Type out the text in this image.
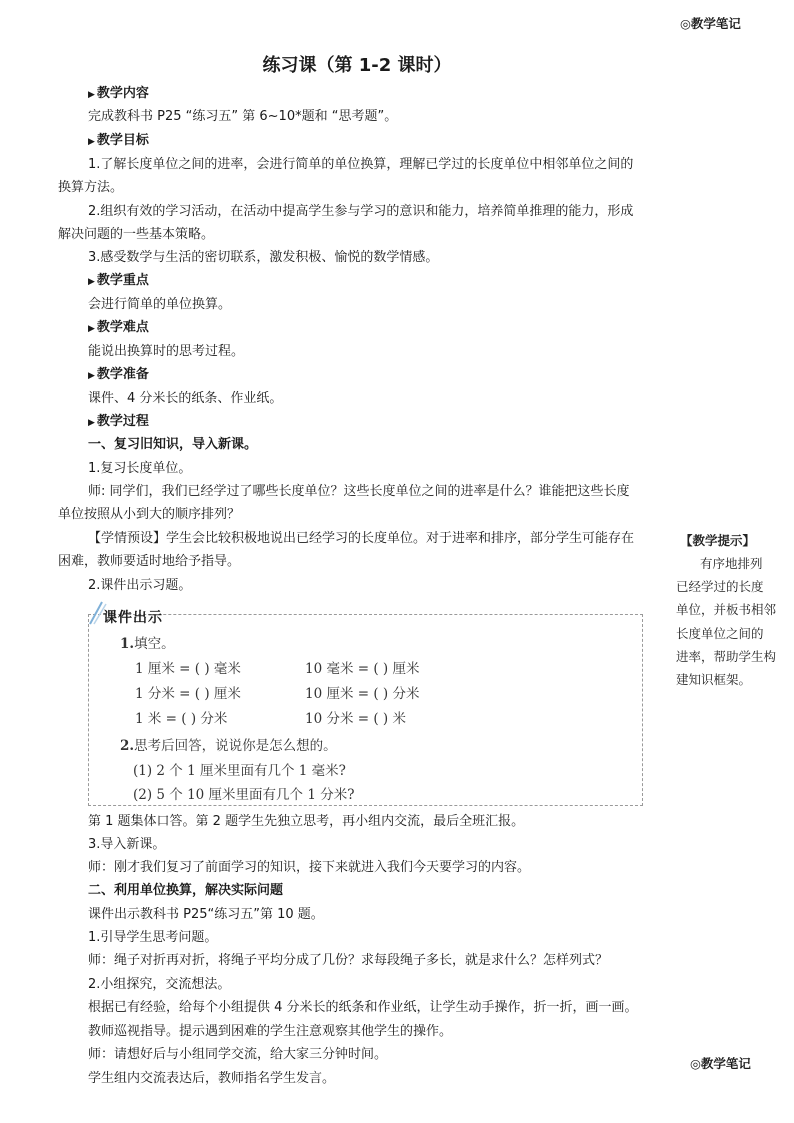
◎教学笔记
◎教学笔记
练习课（第 1-2 课时）
▶ 教学内容
完成教科书 P25 “练习五” 第 6~10*题和 “思考题”。
▶ 教学目标
1.了解长度单位之间的进率，会进行简单的单位换算，理解已学过的长度单位中相邻单位之间的
换算方法。
2.组织有效的学习活动，在活动中提高学生参与学习的意识和能力，培养简单推理的能力，形成
解决问题的一些基本策略。
3.感受数学与生活的密切联系，激发积极、愉悦的数学情感。
▶ 教学重点
会进行简单的单位换算。
▶ 教学难点
能说出换算时的思考过程。
▶ 教学准备
课件、4 分米长的纸条、作业纸。
▶ 教学过程
一、复习旧知识，导入新课。
1.复习长度单位。
师: 同学们，我们已经学过了哪些长度单位？这些长度单位之间的进率是什么？谁能把这些长度
单位按照从小到大的顺序排列？
【学情预设】学生会比较积极地说出已经学习的长度单位。对于进率和排序，部分学生可能存在
困难，教师要适时地给予指导。
2.课件出示习题。
【教学提示】
有序地排列
已经学过的长度
单位，并板书相邻
长度单位之间的
进率，帮助学生构
建知识框架。
课件出示
1.填空。
1 厘米 = ( ) 毫米	10 毫米 = ( ) 厘米
1 分米 = ( ) 厘米	10 厘米 = ( ) 分米
1 米 = ( ) 分米	10 分米 = ( ) 米
2.思考后回答，说说你是怎么想的。
(1) 2 个 1 厘米里面有几个 1 毫米?
(2) 5 个 10 厘米里面有几个 1 分米?
第 1 题集体口答。第 2 题学生先独立思考，再小组内交流，最后全班汇报。
3.导入新课。
师：刚才我们复习了前面学习的知识，接下来就进入我们今天要学习的内容。
二、利用单位换算，解决实际问题
课件出示教科书 P25“练习五”第 10 题。
1.引导学生思考问题。
师：绳子对折再对折，将绳子平均分成了几份？求每段绳子多长，就是求什么？怎样列式？
2.小组探究，交流想法。
根据已有经验，给每个小组提供 4 分米长的纸条和作业纸，让学生动手操作，折一折，画一画。
教师巡视指导。提示遇到困难的学生注意观察其他学生的操作。
师：请想好后与小组同学交流，给大家三分钟时间。
学生组内交流表达后，教师指名学生发言。
